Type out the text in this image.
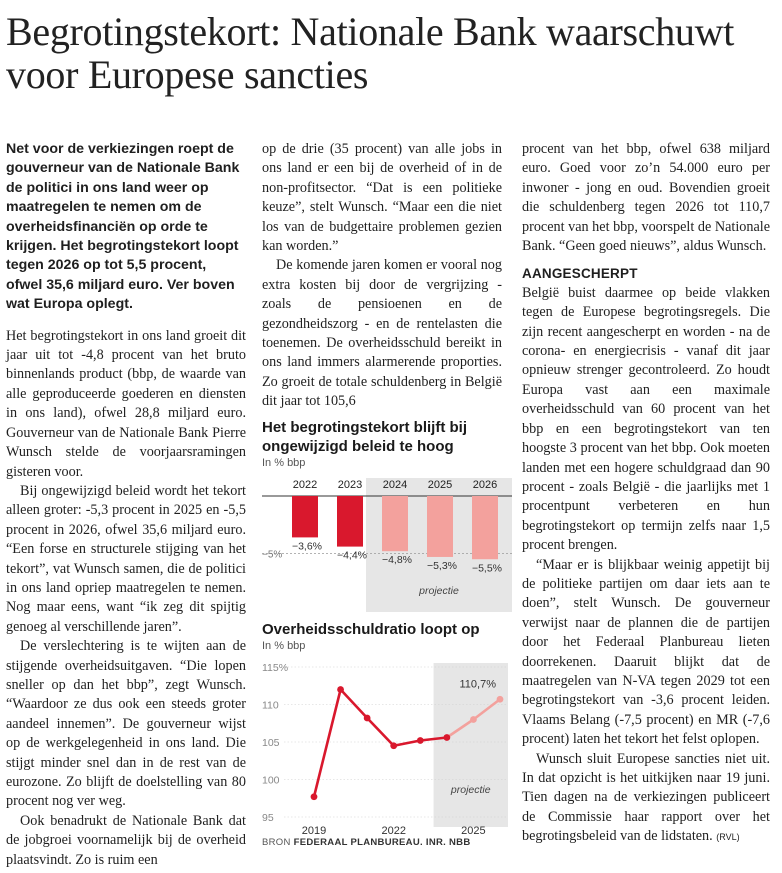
Begrotingstekort: Nationale Bank waarschuwt voor Europese sancties

Net voor de verkiezingen roept de gouverneur van de Nationale Bank de politici in ons land weer op maatregelen te nemen om de overheidsfinanciën op orde te krijgen. Het begrotingstekort loopt tegen 2026 op tot 5,5 procent, ofwel 35,6 miljard euro. Ver boven wat Europa oplegt.

Het begrotingstekort in ons land groeit dit jaar uit tot -4,8 procent van het bruto binnenlands product (bbp, de waarde van alle geproduceerde goederen en diensten in ons land), ofwel 28,8 miljard euro. Gouverneur van de Nationale Bank Pierre Wunsch stelde de voorjaarsramingen gisteren voor.

Bij ongewijzigd beleid wordt het tekort alleen groter: -5,3 procent in 2025 en -5,5 procent in 2026, ofwel 35,6 miljard euro. “Een forse en structurele stijging van het tekort”, vat Wunsch samen, die de politici in ons land opriep maatregelen te nemen. Nog maar eens, want “ik zeg dit spijtig genoeg al verschillende jaren”.

De verslechtering is te wijten aan de stijgende overheidsuitgaven. “Die lopen sneller op dan het bbp”, zegt Wunsch. “Waardoor ze dus ook een steeds groter aandeel innemen”. De gouverneur wijst op de werkgelegenheid in ons land. Die stijgt minder snel dan in de rest van de eurozone. Zo blijft de doelstelling van 80 procent nog ver weg.

Ook benadrukt de Nationale Bank dat de jobgroei voornamelijk bij de overheid plaatsvindt. Zo is ruim een

op de drie (35 procent) van alle jobs in ons land er een bij de overheid of in de non-profitsector. “Dat is een politieke keuze”, stelt Wunsch. “Maar een die niet los van de budgettaire problemen gezien kan worden.”

De komende jaren komen er vooral nog extra kosten bij door de vergrijzing - zoals de pensioenen en de gezondheidszorg - en de rentelasten die toenemen. De overheidsschuld bereikt in ons land immers alarmerende proporties. Zo groeit de totale schuldenberg in België dit jaar tot 105,6

Het begrotingstekort blijft bij ongewijzigd beleid te hoog
In % bbp
−5%
2022
−3,6%
2023
−4,4%
2024
−4,8%
2025
−5,3%
2026
−5,5%
projectie
Overheidsschuldratio loopt op
In % bbp
95
100
105
110
115%
2019	2022	2025
110,7%
projectie
BRON FEDERAAL PLANBUREAU. INR. NBB

procent van het bbp, ofwel 638 miljard euro. Goed voor zo’n 54.000 euro per inwoner - jong en oud. Bovendien groeit die schuldenberg tegen 2026 tot 110,7 procent van het bbp, voorspelt de Nationale Bank. “Geen goed nieuws”, aldus Wunsch.

AANGESCHERPT

België buist daarmee op beide vlakken tegen de Europese begrotingsregels. Die zijn recent aangescherpt en worden - na de corona- en energiecrisis - vanaf dit jaar opnieuw strenger gecontroleerd. Zo houdt Europa vast aan een maximale overheidsschuld van 60 procent van het bbp en een begrotingstekort van ten hoogste 3 procent van het bbp. Ook moeten landen met een hogere schuldgraad dan 90 procent - zoals België - die jaarlijks met 1 procentpunt verbeteren en hun begrotingstekort op termijn zelfs naar 1,5 procent brengen.

“Maar er is blijkbaar weinig appetijt bij de politieke partijen om daar iets aan te doen”, stelt Wunsch. De gouverneur verwijst naar de plannen die de partijen door het Federaal Planbureau lieten doorrekenen. Daaruit blijkt dat de maatregelen van N-VA tegen 2029 tot een begrotingstekort van -3,6 procent leiden. Vlaams Belang (-7,5 procent) en MR (-7,6 procent) laten het tekort het felst oplopen.

Wunsch sluit Europese sancties niet uit. In dat opzicht is het uitkijken naar 19 juni. Tien dagen na de verkiezingen publiceert de Commissie haar rapport over het begrotingsbeleid van de lidstaten. (RVL)
